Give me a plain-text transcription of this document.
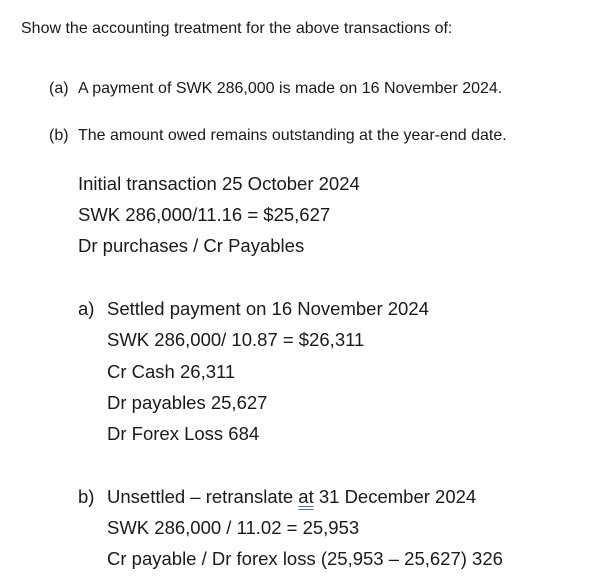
Show the accounting treatment for the above transactions of:
(a) A payment of SWK 286,000 is made on 16 November 2024.
(b) The amount owed remains outstanding at the year-end date.
Initial transaction 25 October 2024
SWK 286,000/11.16 = $25,627
Dr purchases / Cr Payables
a) Settled payment on 16 November 2024
SWK 286,000/ 10.87 = $26,311
Cr Cash 26,311
Dr payables 25,627
Dr Forex Loss 684
b) Unsettled – retranslate at 31 December 2024
SWK 286,000 / 11.02 = 25,953
Cr payable / Dr forex loss (25,953 – 25,627) 326
